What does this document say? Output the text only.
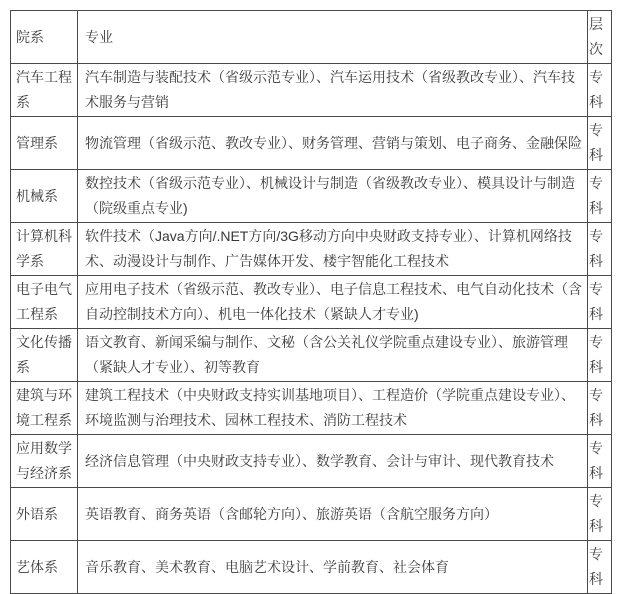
院系	专业	层次
汽车工程系	汽车制造与装配技术（省级示范专业）、汽车运用技术（省级教改专业）、汽车技术服务与营销	专科
管理系	物流管理（省级示范、教改专业）、财务管理、营销与策划、电子商务、金融保险	专科
机械系	数控技术（省级示范专业）、机械设计与制造（省级教改专业）、模具设计与制造（院级重点专业)	专科
计算机科学系	软件技术（Java方向/.NET方向/3G移动方向中央财政支持专业）、计算机网络技术、动漫设计与制作、广告媒体开发、楼宇智能化工程技术	专科
电子电气工程系	应用电子技术（省级示范、教改专业）、电子信息工程技术、电气自动化技术（含自动控制技术方向）、机电一体化技术（紧缺人才专业)	专科
文化传播系	语文教育、新闻采编与制作、文秘（含公关礼仪学院重点建设专业）、旅游管理（紧缺人才专业）、初等教育	专科
建筑与环境工程系	建筑工程技术（中央财政支持实训基地项目）、工程造价（学院重点建设专业）、环境监测与治理技术、园林工程技术、消防工程技术	专科
应用数学与经济系	经济信息管理（中央财政支持专业）、数学教育、会计与审计、现代教育技术	专科
外语系	英语教育、商务英语（含邮轮方向）、旅游英语（含航空服务方向）	专科
艺体系	音乐教育、美术教育、电脑艺术设计、学前教育、社会体育	专科
